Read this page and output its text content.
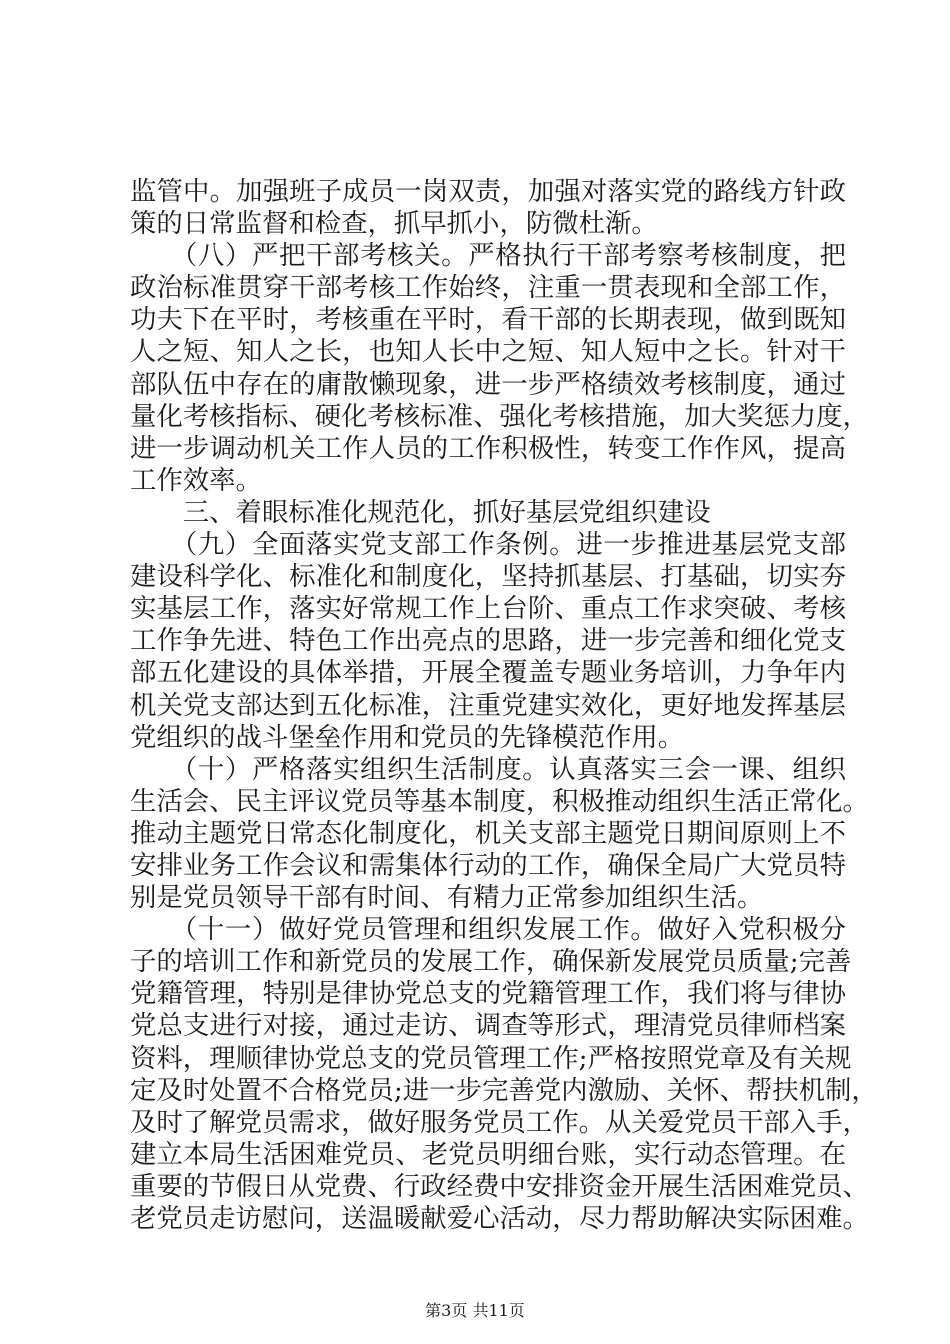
监管中。加强班子成员一岗双责，加强对落实党的路线方针政
策的日常监督和检查，抓早抓小，防微杜渐。
　　（八）严把干部考核关。严格执行干部考察考核制度，把
政治标准贯穿干部考核工作始终，注重一贯表现和全部工作，
功夫下在平时，考核重在平时，看干部的长期表现，做到既知
人之短、知人之长，也知人长中之短、知人短中之长。针对干
部队伍中存在的庸散懒现象，进一步严格绩效考核制度，通过
量化考核指标、硬化考核标准、强化考核措施，加大奖惩力度，
进一步调动机关工作人员的工作积极性，转变工作作风，提高
工作效率。
　　三、着眼标准化规范化，抓好基层党组织建设
　　（九）全面落实党支部工作条例。进一步推进基层党支部
建设科学化、标准化和制度化，坚持抓基层、打基础，切实夯
实基层工作，落实好常规工作上台阶、重点工作求突破、考核
工作争先进、特色工作出亮点的思路，进一步完善和细化党支
部五化建设的具体举措，开展全覆盖专题业务培训，力争年内
机关党支部达到五化标准，注重党建实效化，更好地发挥基层
党组织的战斗堡垒作用和党员的先锋模范作用。
　　（十）严格落实组织生活制度。认真落实三会一课、组织
生活会、民主评议党员等基本制度，积极推动组织生活正常化。
推动主题党日常态化制度化，机关支部主题党日期间原则上不
安排业务工作会议和需集体行动的工作，确保全局广大党员特
别是党员领导干部有时间、有精力正常参加组织生活。
　　（十一）做好党员管理和组织发展工作。做好入党积极分
子的培训工作和新党员的发展工作，确保新发展党员质量;完善
党籍管理，特别是律协党总支的党籍管理工作，我们将与律协
党总支进行对接，通过走访、调查等形式，理清党员律师档案
资料，理顺律协党总支的党员管理工作;严格按照党章及有关规
定及时处置不合格党员;进一步完善党内激励、关怀、帮扶机制，
及时了解党员需求，做好服务党员工作。从关爱党员干部入手，
建立本局生活困难党员、老党员明细台账，实行动态管理。在
重要的节假日从党费、行政经费中安排资金开展生活困难党员、
老党员走访慰问，送温暖献爱心活动，尽力帮助解决实际困难。
第3页 共11页
